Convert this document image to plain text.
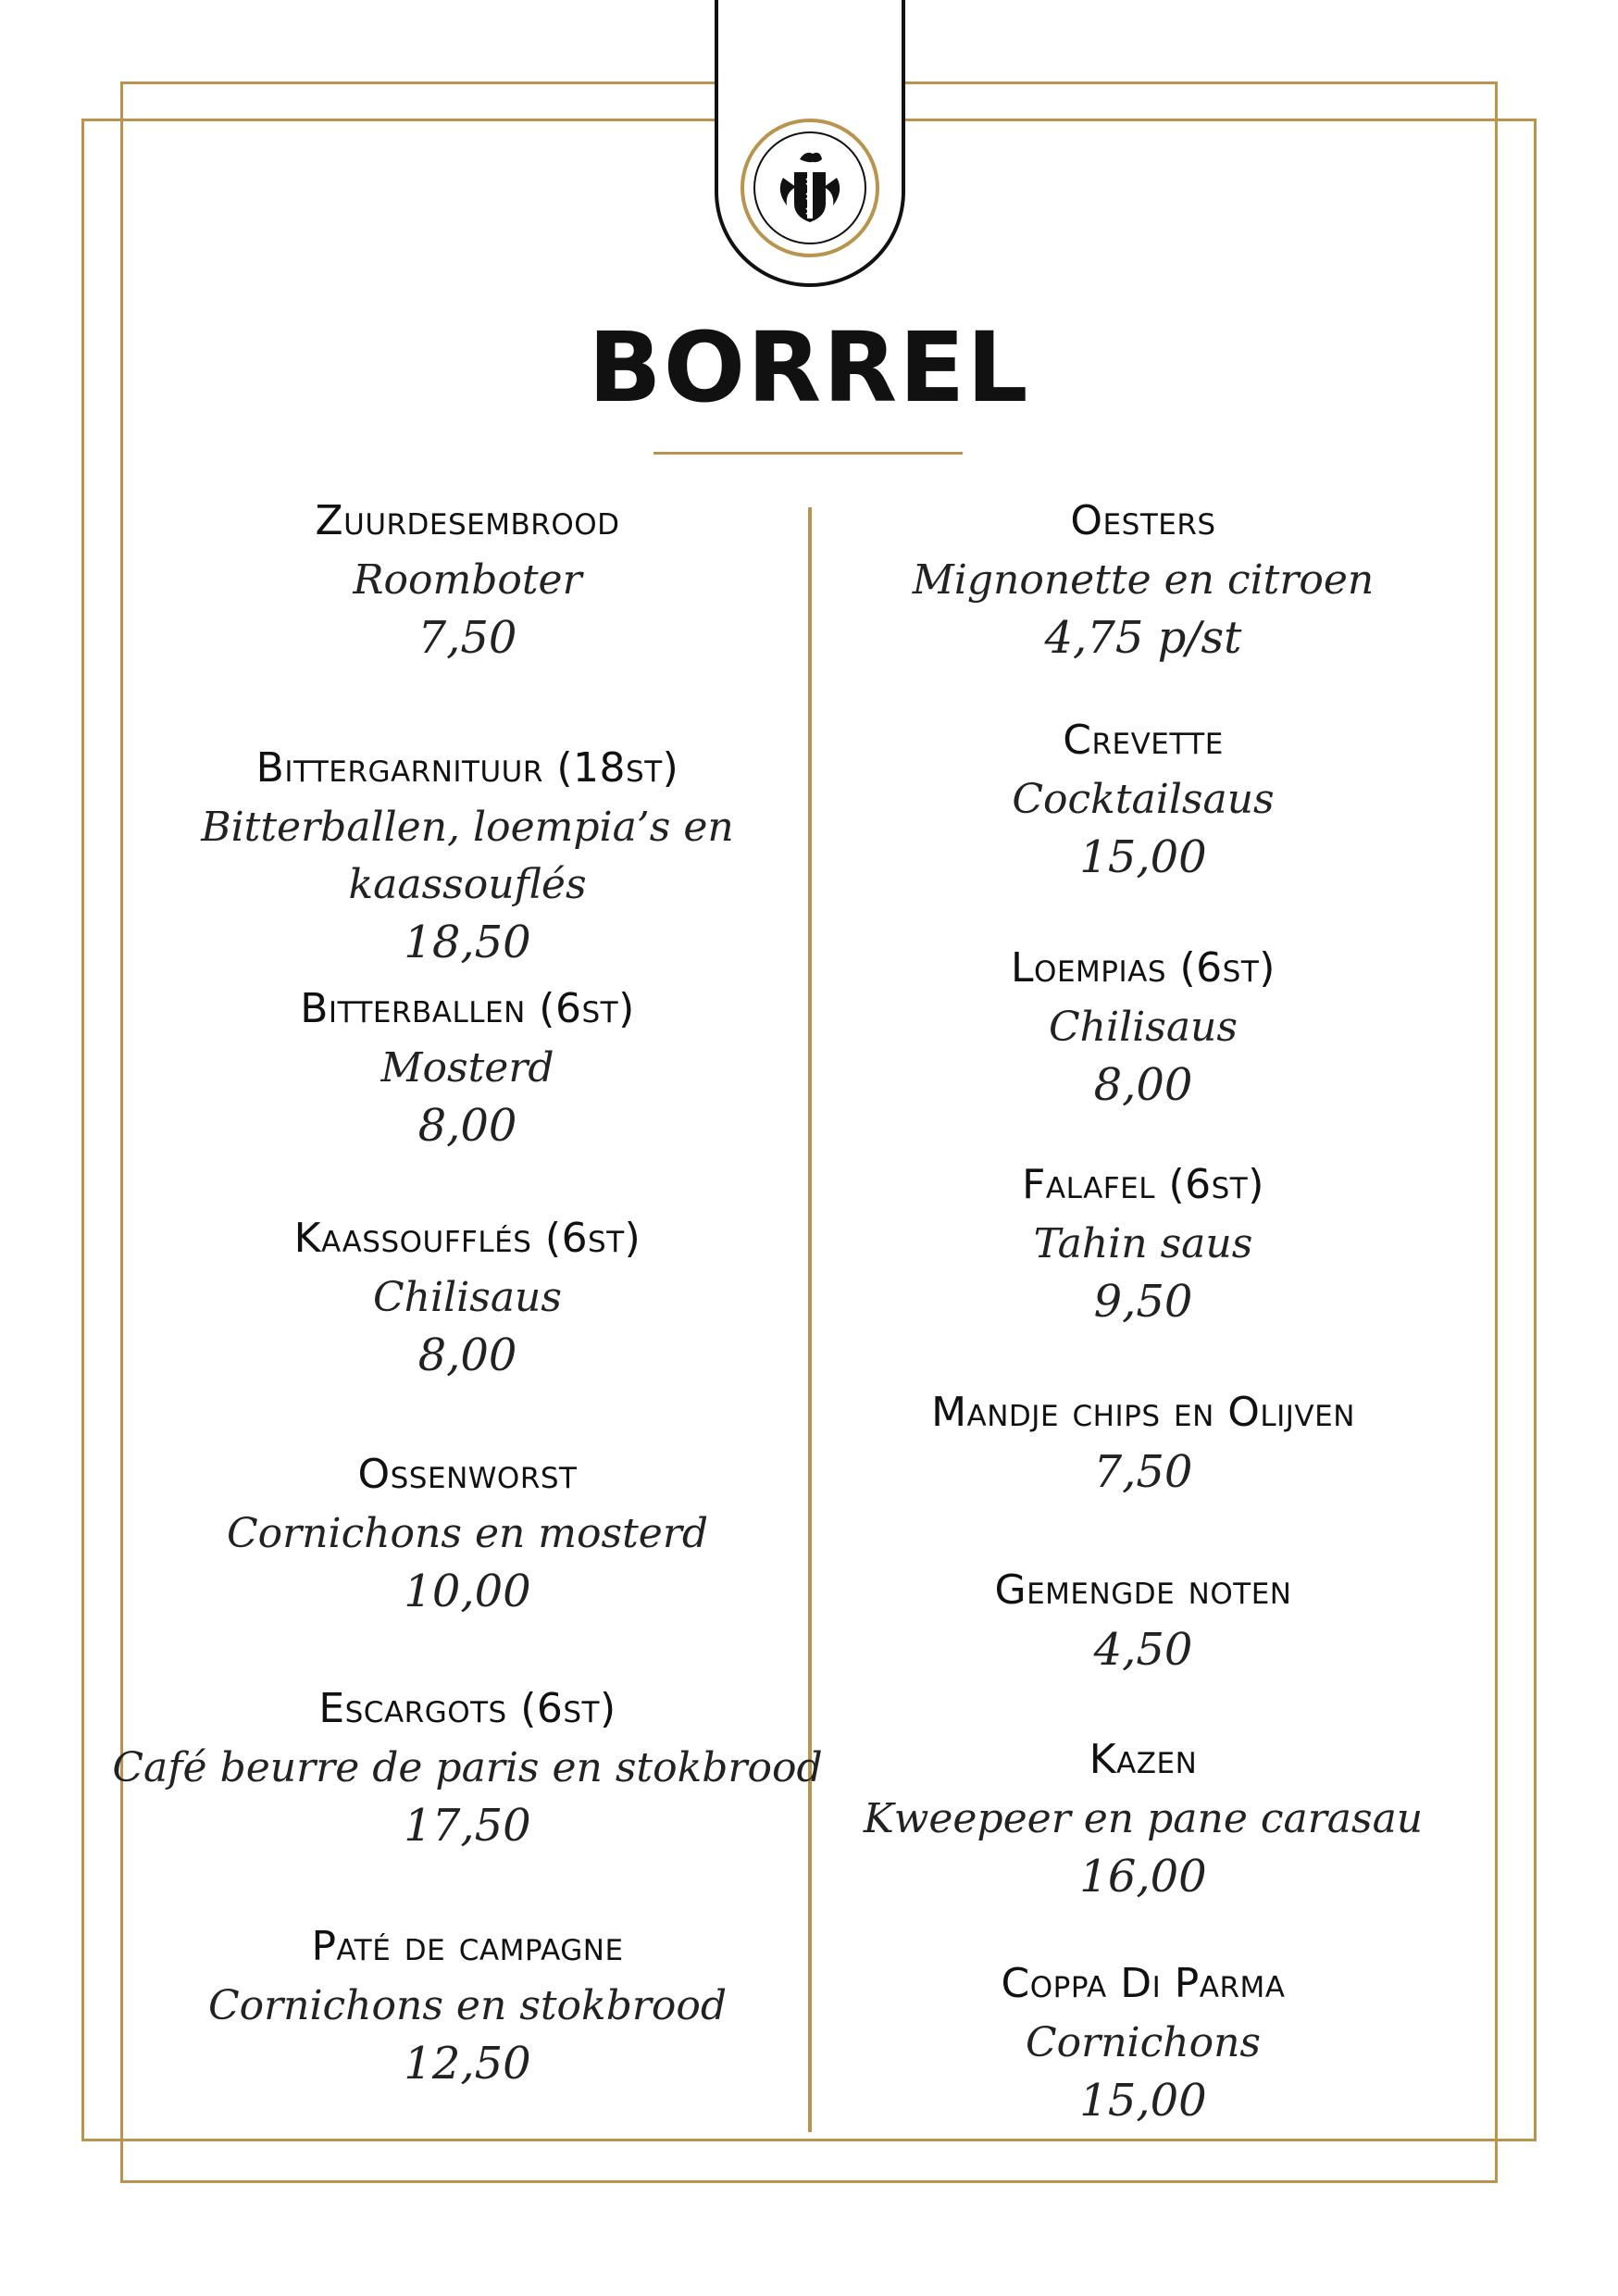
×
×
×
BORREL
Zuurdesembrood
Roomboter
7,50
Bittergarnituur (18st)
Bitterballen, loempia’s en kaassouflés
18,50
Bitterballen (6st)
Mosterd
8,00
Kaassoufflés (6st)
Chilisaus
8,00
Ossenworst
Cornichons en mosterd
10,00
Escargots (6st)
Café beurre de paris en stokbrood
17,50
Paté de campagne
Cornichons en stokbrood
12,50
Oesters
Mignonette en citroen
4,75 p/st
Crevette
Cocktailsaus
15,00
Loempias (6st)
Chilisaus
8,00
Falafel (6st)
Tahin saus
9,50
Mandje chips en Olijven
7,50
Gemengde noten
4,50
Kazen
Kweepeer en pane carasau
16,00
Coppa Di Parma
Cornichons
15,00
